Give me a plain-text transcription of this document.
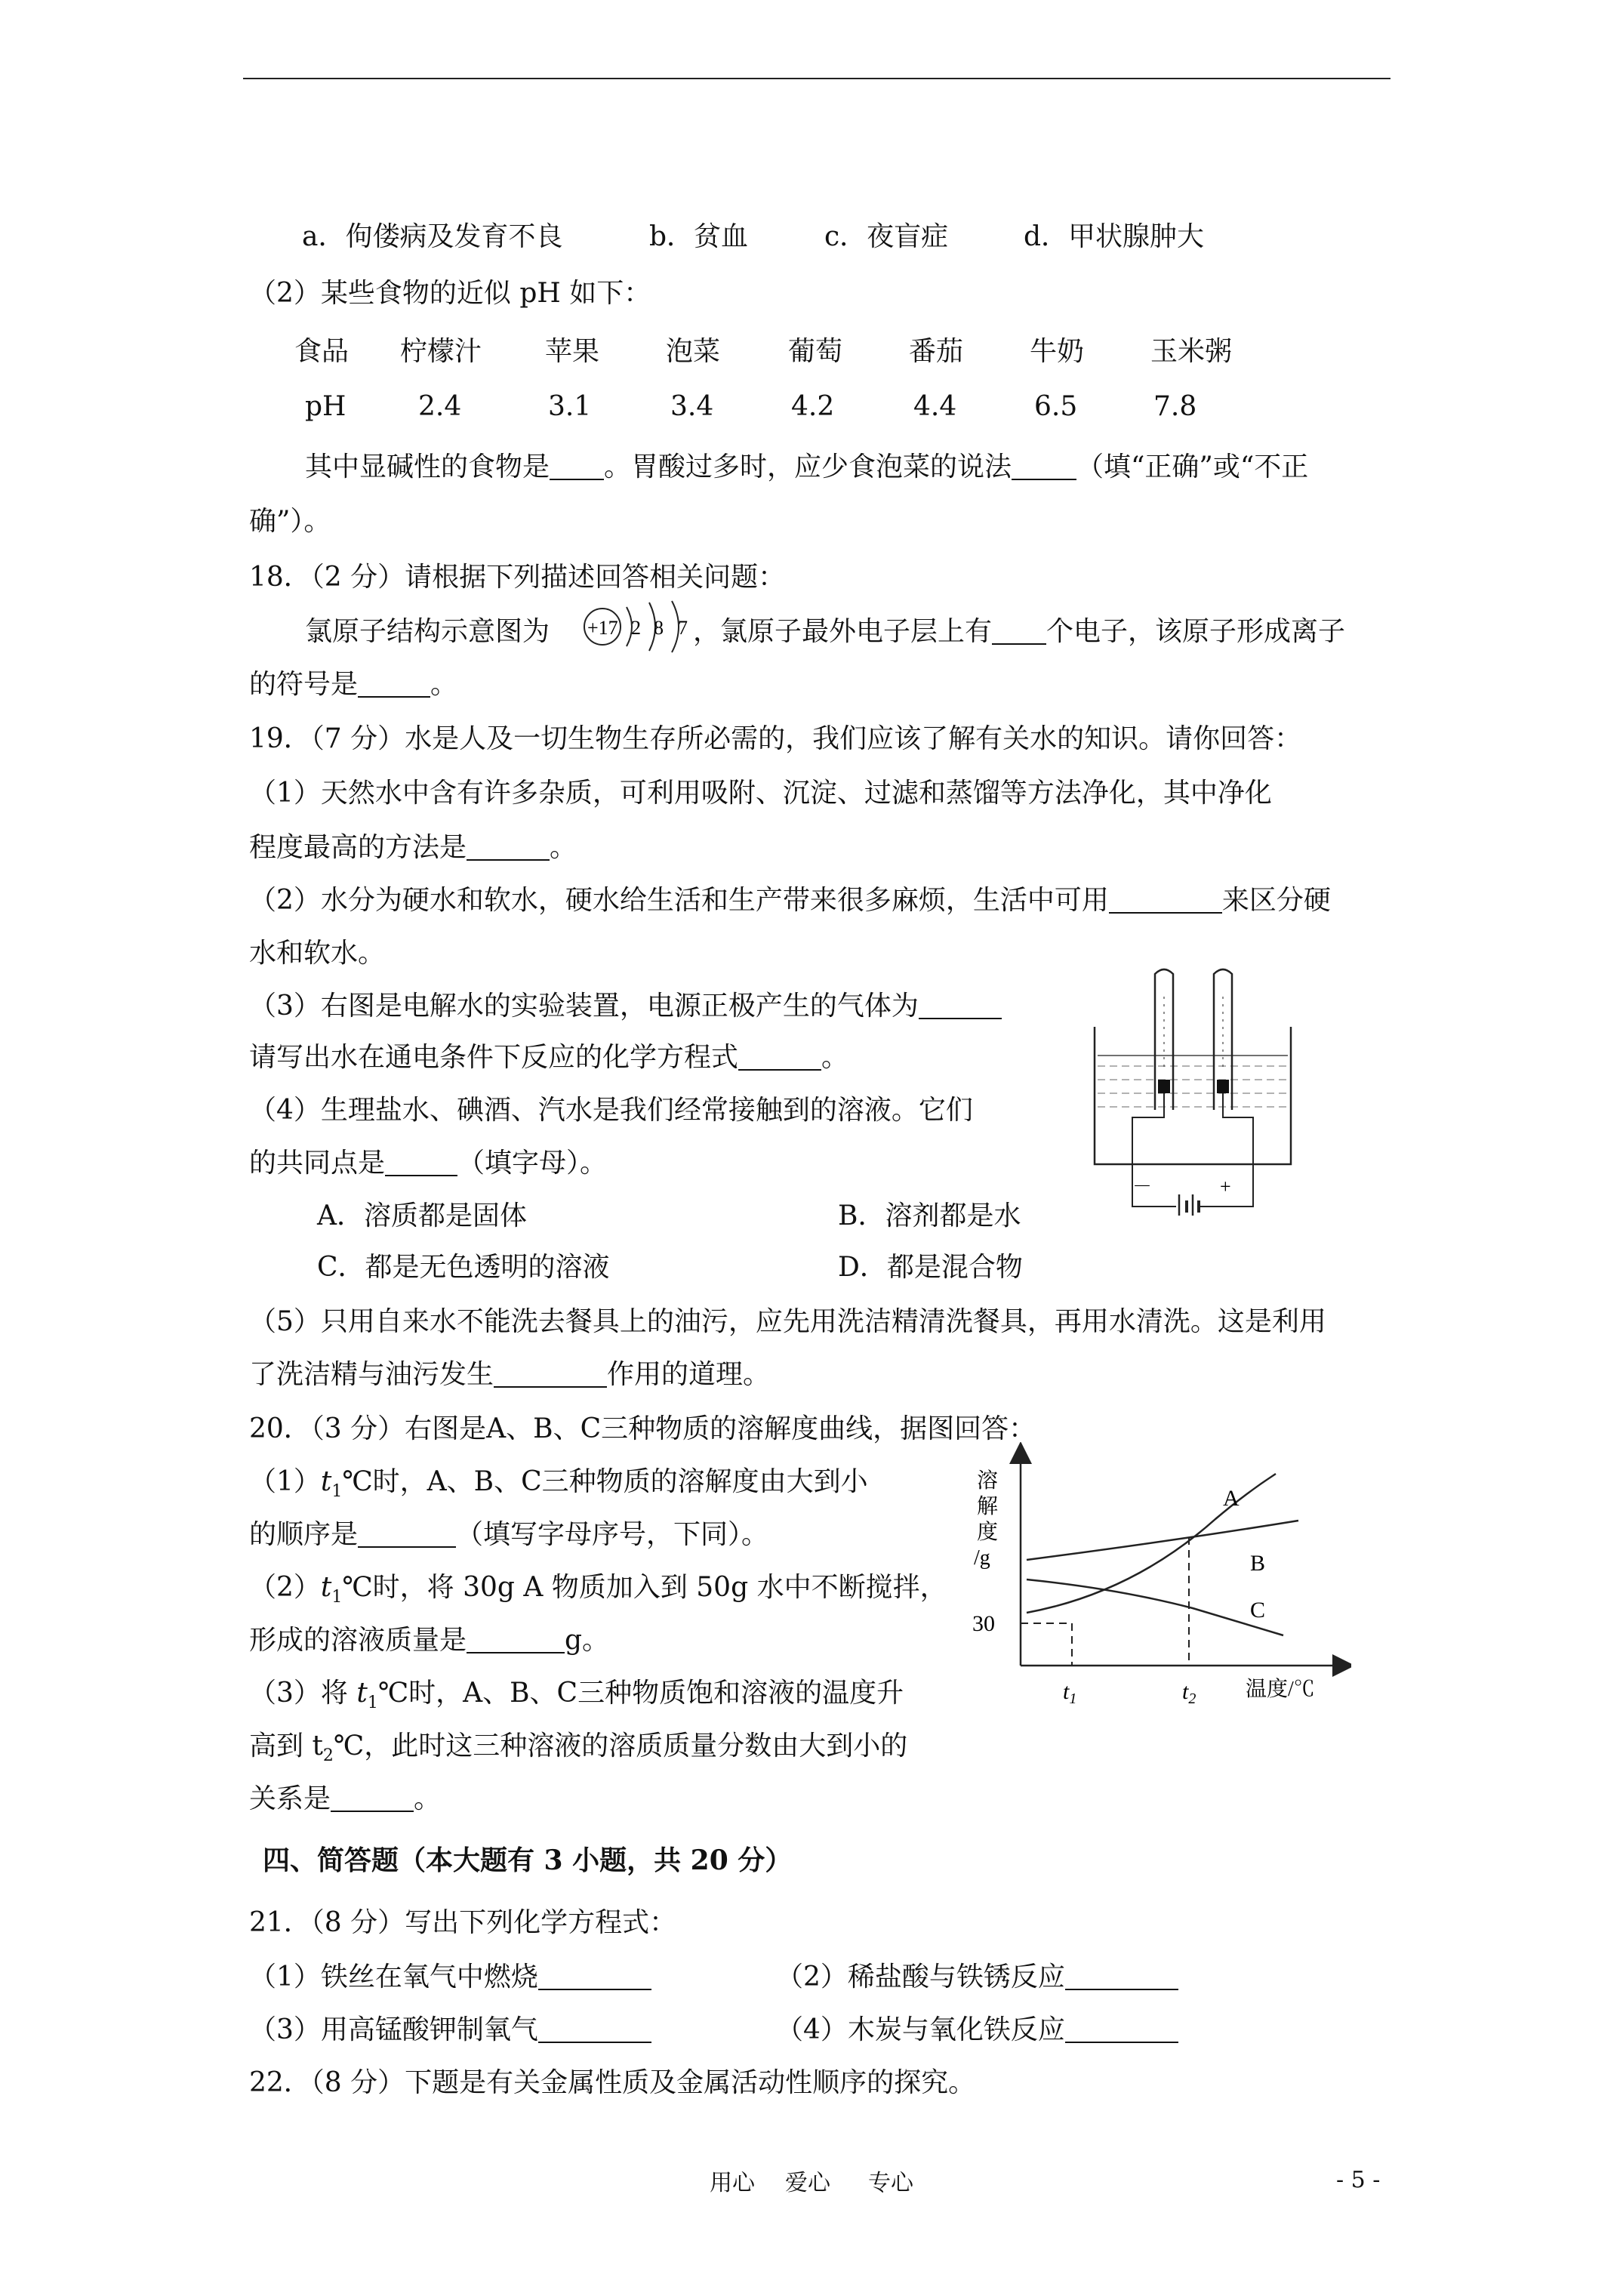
a．佝偻病及发育不良	b．贫血	c．夜盲症	d．甲状腺肿大
（2）某些食物的近似 pH 如下：
食品 柠檬汁 苹果 泡菜 葡萄 番茄 牛奶 玉米粥
pH	2.4	3.1	3.4	4.2	4.4	6.5	7.8
其中显碱性的食物是 。胃酸过多时，应少食泡菜的说法 （填“正确”或“不正
确”）。
18．（2 分）请根据下列描述回答相关问题：
氯原子结构示意图为	，氯原子最外电子层上有 个电子，该原子形成离子
+17 2 8 7
的符号是	。
19．（7 分）水是人及一切生物生存所必需的，我们应该了解有关水的知识。请你回答：
（1）天然水中含有许多杂质，可利用吸附、沉淀、过滤和蒸馏等方法净化，其中净化
程度最高的方法是	。
（2）水分为硬水和软水，硬水给生活和生产带来很多麻烦，生活中可用	来区分硬
水和软水。
（3）右图是电解水的实验装置，电源正极产生的气体为
请写出水在通电条件下反应的化学方程式	。
（4）生理盐水、碘酒、汽水是我们经常接触到的溶液。它们
的共同点是	（填字母）。
A．溶质都是固体	B．溶剂都是水
C．都是无色透明的溶液	D．都是混合物
（5）只用自来水不能洗去餐具上的油污，应先用洗洁精清洗餐具，再用水清洗。这是利用
了洗洁精与油污发生	作用的道理。
－	+
20．（3 分）右图是A、B、C三种物质的溶解度曲线，据图回答：
$(1)t_1℃$时，A、B、C三种物质的溶解度由大到小
的顺序是	（填写字母序号，下同）。
$(2)t_1℃$时，将 30g A 物质加入到 50g 水中不断搅拌，
形成的溶液质量是	g。
（3）将 $t_1℃$时，A、B、C三种物质饱和溶液的温度升
高到 $t_2℃$，此时这三种溶液的溶质质量分数由大到小的
关系是	。
溶解度/g
30
A
B
C
$t_1$	$t_2$ 温度/℃
四、简答题（本大题有 3 小题，共 20 分）
21．（8 分）写出下列化学方程式：
（1）铁丝在氧气中燃烧	（2）稀盐酸与铁锈反应
（3）用高锰酸钾制氧气	（4）木炭与氧化铁反应
22．（8 分）下题是有关金属性质及金属活动性顺序的探究。
用心 爱心 专心	- 5 -
